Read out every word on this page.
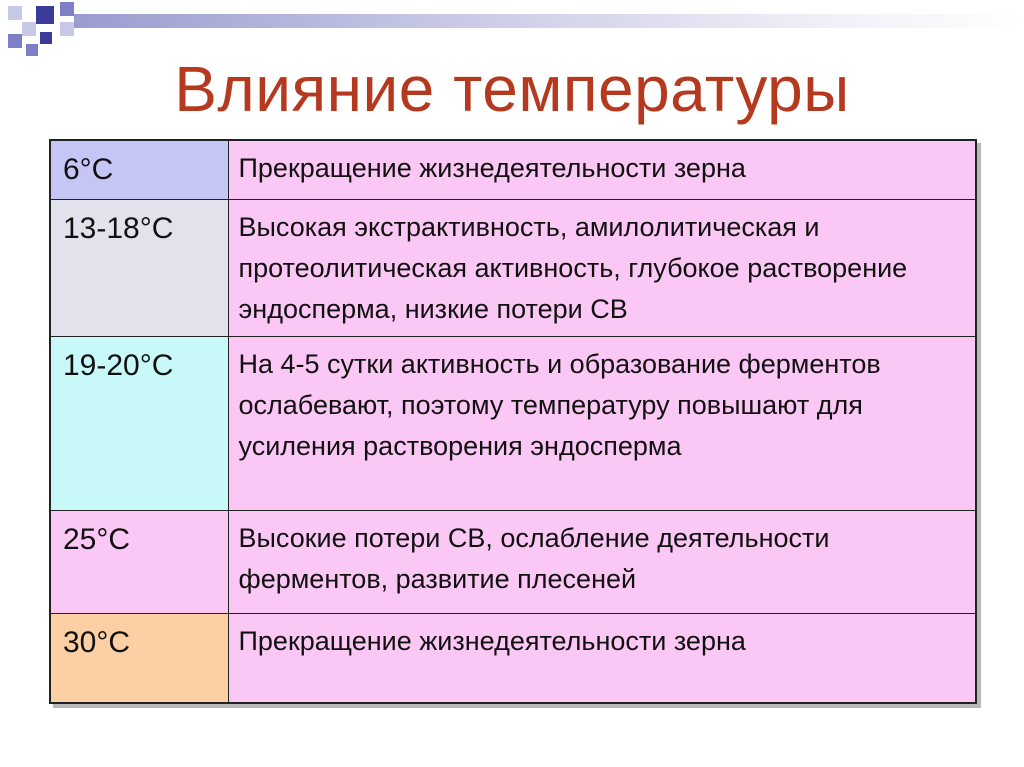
Влияние температуры
6°C	Прекращение жизнедеятельности зерна
13-18°C	Высокая экстрактивность, амилолитическая и протеолитическая активность, глубокое растворение эндосперма, низкие потери СВ
19-20°C	На 4-5 сутки активность и образование ферментов ослабевают, поэтому температуру повышают для усиления растворения эндосперма
25°C	Высокие потери СВ, ослабление деятельности ферментов, развитие плесеней
30°C	Прекращение жизнедеятельности зерна
